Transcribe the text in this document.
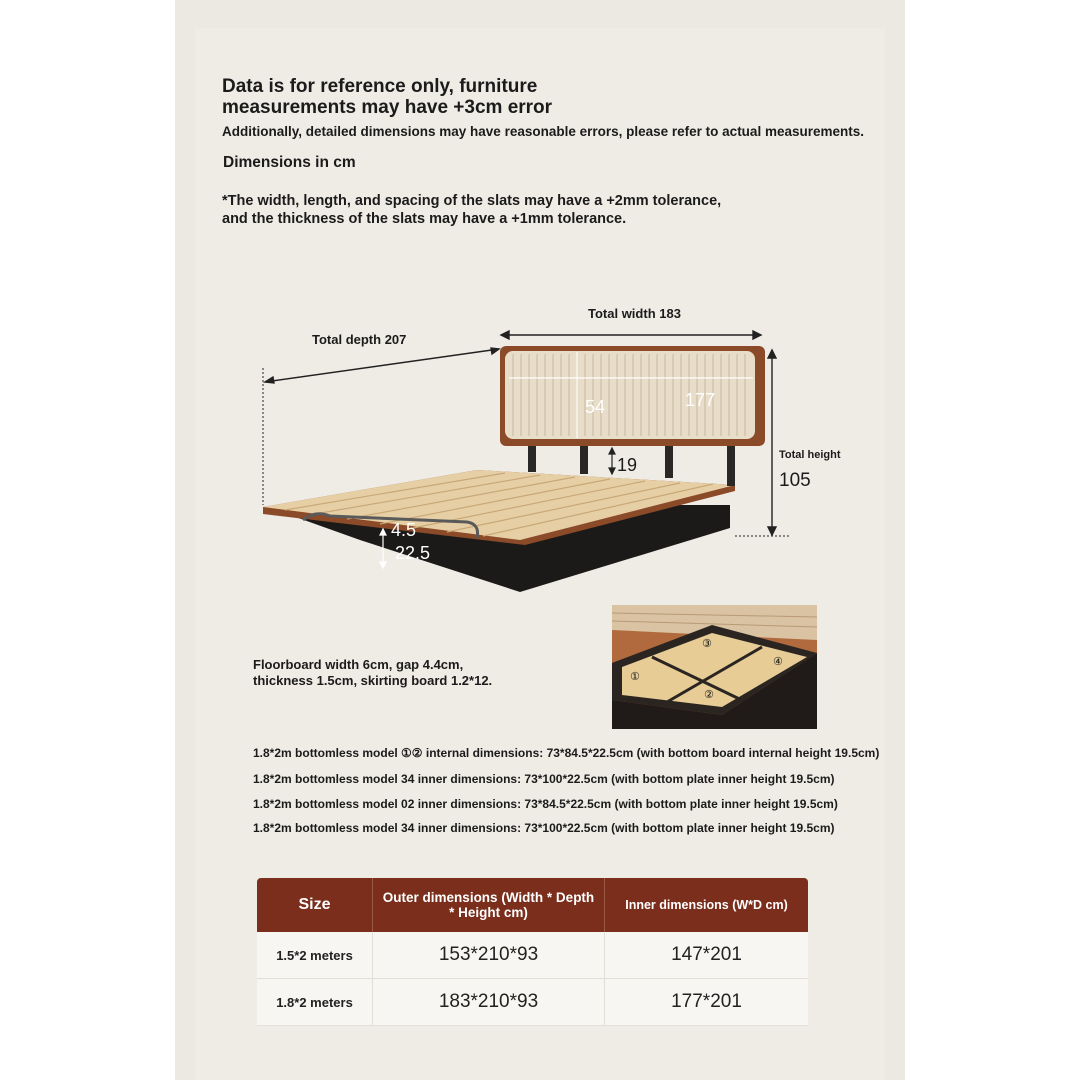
Data is for reference only, furniture
measurements may have +3cm error
Additionally, detailed dimensions may have reasonable errors, please refer to actual measurements.
Dimensions in cm
*The width, length, and spacing of the slats may have a +2mm tolerance,
and the thickness of the slats may have a +1mm tolerance.
Total width 183
Total depth 207
Total height
105
54	177
19
4.5
22.5
Floorboard width 6cm, gap 4.4cm,
thickness 1.5cm, skirting board 1.2*12.
③
④
①
②
1.8*2m bottomless model ①② internal dimensions: 73*84.5*22.5cm (with bottom board internal height 19.5cm)
1.8*2m bottomless model 34 inner dimensions: 73*100*22.5cm (with bottom plate inner height 19.5cm)
1.8*2m bottomless model 02 inner dimensions: 73*84.5*22.5cm (with bottom plate inner height 19.5cm)
1.8*2m bottomless model 34 inner dimensions: 73*100*22.5cm (with bottom plate inner height 19.5cm)
Size	Outer dimensions (Width * Depth * Height cm)	Inner dimensions (W*D cm)
1.5*2 meters	153*210*93	147*201
1.8*2 meters	183*210*93	177*201
